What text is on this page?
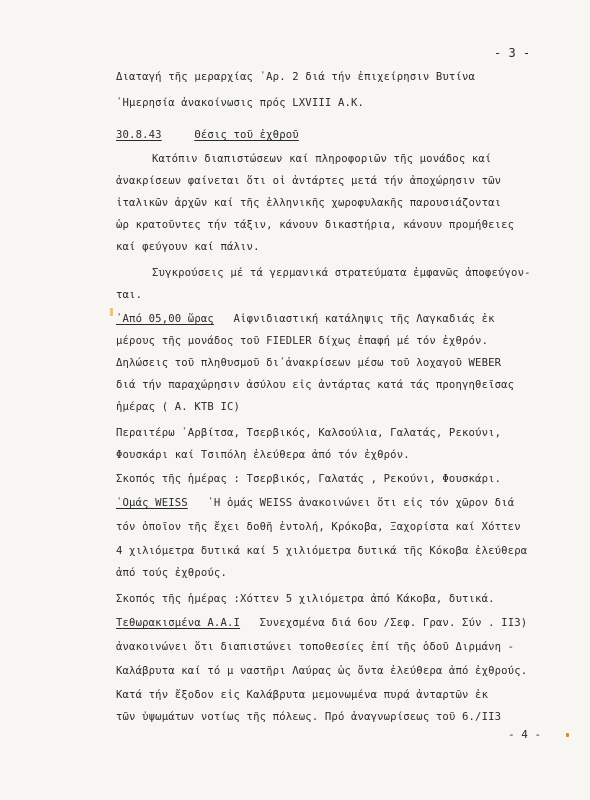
- 3 -
Διαταγή τῆς μεραρχίας ᾽Αρ. 2 διά τήν ἐπιχείρησιν Βυτίνα
᾽Ημερησία ἀνακοίνωσις πρός LXVIII Α.Κ.
30.8.43	Θέσις τοῦ ἐχθροῦ
Κατόπιν διαπιστώσεων καί πληροφοριῶν τῆς μονάδος καί
ἀνακρίσεων φαίνεται ὅτι οἱ ἀντάρτες μετά τήν ἀποχώρησιν τῶν
ἰταλικῶν ἀρχῶν καί τῆς ἑλληνικῆς χωροφυλακῆς παρουσιάζονται
ὡρ κρατοῦντες τήν τάξιν, κάνουν δικαστήρια, κάνουν προμήθειες
καί φεύγουν καί πάλιν.
Συγκρούσεις μέ τά γερμανικά στρατεύματα ἐμφανῶς ἀποφεύγον-
ται.
᾽Από 05,00 ὥρας Αἰφνιδιαστική κατάληψις τῆς Λαγκαδιάς ἐκ
μέρους τῆς μονάδος τοῦ FIEDLER δίχως ἐπαφή μέ τόν ἐχθρόν.
Δηλώσεις τοῦ πληθυσμοῦ δι᾽ἀνακρίσεων μέσω τοῦ λοχαγοῦ WEBER
διά τήν παραχώρησιν ἀσύλου εἰς ἀντάρτας κατά τάς προηγηθεῖσας
ἡμέρας ( Α. ΚΤΒ IC)
Περαιτέρω ᾽Αρβίτσα, Τσερβικός, Καλσούλια, Γαλατάς, Ρεκούνι,
Φουσκάρι καί Τσιπόλη ἐλεύθερα ἀπό τόν ἐχθρόν.
Σκοπός τῆς ἡμέρας : Τσερβικός, Γαλατάς , Ρεκούνι, Φουσκάρι.
῾Ομάς WEISS ῾Η ὁμάς WEISS ἀνακοινώνει ὅτι εἰς τόν χῶρον διά
τόν ὁποῖον τῆς ἔχει δοθῆ ἐντολή, Κρόκοβα, Ξαχορίστα καί Χόττεν
4 χιλιόμετρα δυτικά καί 5 χιλιόμετρα δυτικά τῆς Κόκοβα ἐλεύθερα
ἀπό τούς ἐχθρούς.
Σκοπός τῆς ἡμέρας :Χόττεν 5 χιλιόμετρα ἀπό Κάκοβα, δυτικά.
Τεθωρακισμένα Α.Α.Ι Συνεχσμένα διά 6ου /Σεφ. Γραν. Σύν . II3)
ἀνακοινώνει ὅτι διαπιστώνει τοποθεσίες ἐπί τῆς ὁδοῦ Διρμάνη -
Καλάβρυτα καί τό μ ναστῆρι Λαύρας ὡς ὄντα ἐλεύθερα ἀπό ἐχθρούς.
Κατά τήν ἔξοδον εἰς Καλάβρυτα μεμονωμένα πυρά ἀνταρτῶν ἐκ
τῶν ὑψωμάτων νοτίως τῆς πόλεως. Πρό ἀναγνωρίσεως τοῦ 6./II3
- 4 -
